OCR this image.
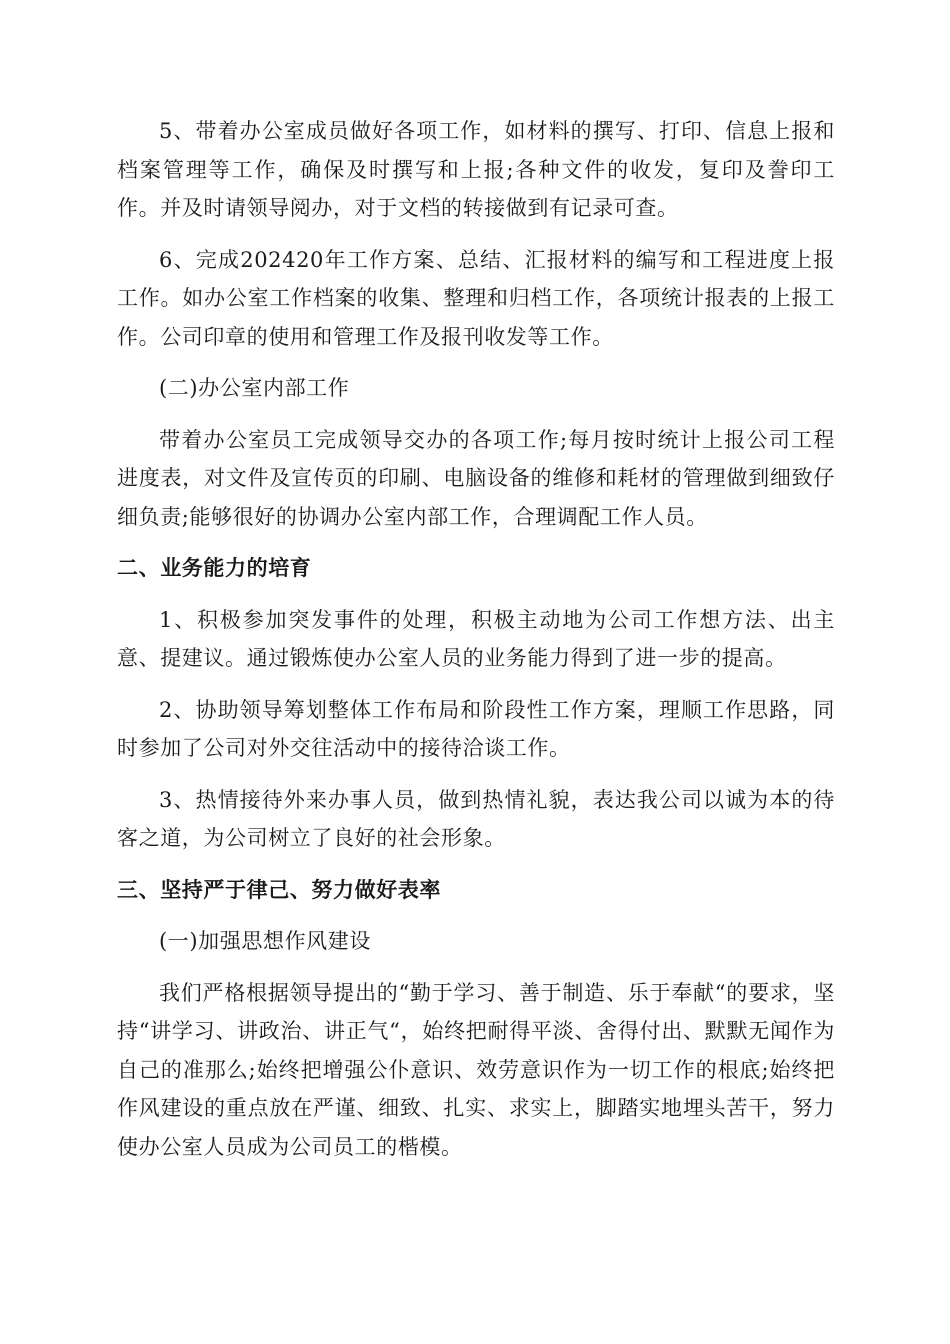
5、带着办公室成员做好各项工作，如材料的撰写、打印、信息上报和档案管理等工作，确保及时撰写和上报;各种文件的收发，复印及誊印工作。并及时请领导阅办，对于文档的转接做到有记录可查。

6、完成202420年工作方案、总结、汇报材料的编写和工程进度上报工作。如办公室工作档案的收集、整理和归档工作，各项统计报表的上报工作。公司印章的使用和管理工作及报刊收发等工作。

(二)办公室内部工作

带着办公室员工完成领导交办的各项工作;每月按时统计上报公司工程进度表，对文件及宣传页的印刷、电脑设备的维修和耗材的管理做到细致仔细负责;能够很好的协调办公室内部工作，合理调配工作人员。

二、业务能力的培育

1、积极参加突发事件的处理，积极主动地为公司工作想方法、出主意、提建议。通过锻炼使办公室人员的业务能力得到了进一步的提高。

2、协助领导筹划整体工作布局和阶段性工作方案，理顺工作思路，同时参加了公司对外交往活动中的接待洽谈工作。

3、热情接待外来办事人员，做到热情礼貌，表达我公司以诚为本的待客之道，为公司树立了良好的社会形象。

三、坚持严于律己、努力做好表率

(一)加强思想作风建设

我们严格根据领导提出的“勤于学习、善于制造、乐于奉献“的要求，坚持“讲学习、讲政治、讲正气“，始终把耐得平淡、舍得付出、默默无闻作为自己的准那么;始终把增强公仆意识、效劳意识作为一切工作的根底;始终把作风建设的重点放在严谨、细致、扎实、求实上，脚踏实地埋头苦干，努力使办公室人员成为公司员工的楷模。
